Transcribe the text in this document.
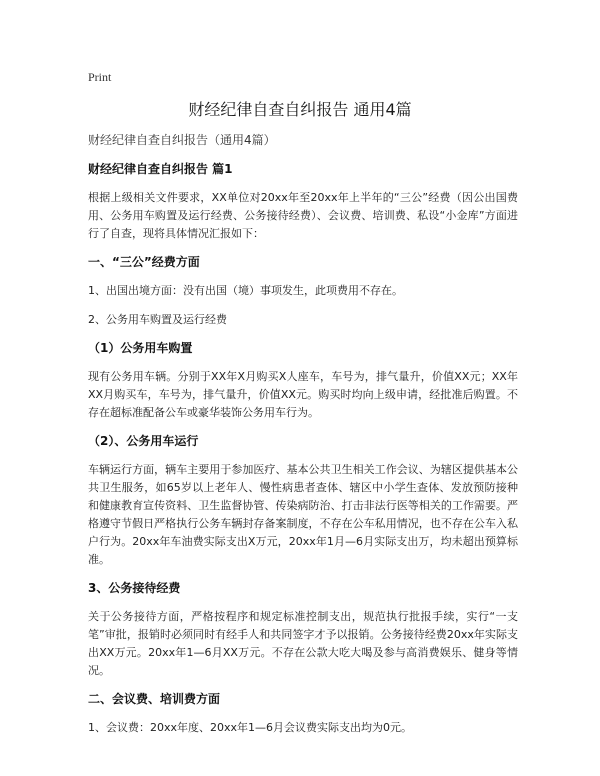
Print
财经纪律自查自纠报告 通用4篇

财经纪律自查自纠报告（通用4篇）

财经纪律自查自纠报告 篇1

根据上级相关文件要求，XX单位对20xx年至20xx年上半年的“三公”经费（因公出国费用、公务用车购置及运行经费、公务接待经费）、会议费、培训费、私设“小金库”方面进行了自查，现将具体情况汇报如下：

一、“三公”经费方面

1、出国出境方面：没有出国（境）事项发生，此项费用不存在。

2、公务用车购置及运行经费

（1）公务用车购置

现有公务用车辆。分别于XX年X月购买X人座车，车号为，排气量升，价值XX元；XX年XX月购买车，车号为，排气量升，价值XX元。购买时均向上级申请，经批准后购置。不存在超标准配备公车或豪华装饰公务用车行为。

（2）、公务用车运行

车辆运行方面，辆车主要用于参加医疗、基本公共卫生相关工作会议、为辖区提供基本公共卫生服务，如65岁以上老年人、慢性病患者查体、辖区中小学生查体、发放预防接种和健康教育宣传资料、卫生监督协管、传染病防治、打击非法行医等相关的工作需要。严格遵守节假日严格执行公务车辆封存备案制度，不存在公车私用情况，也不存在公车入私户行为。20xx年车油费实际支出X万元，20xx年1月—6月实际支出万，均未超出预算标准。

3、公务接待经费

关于公务接待方面，严格按程序和规定标准控制支出，规范执行批报手续，实行“一支笔”审批，报销时必须同时有经手人和共同签字才予以报销。公务接待经费20xx年实际支出XX万元。20xx年1—6月XX万元。不存在公款大吃大喝及参与高消费娱乐、健身等情况。

二、会议费、培训费方面

1、会议费：20xx年度、20xx年1—6月会议费实际支出均为0元。
